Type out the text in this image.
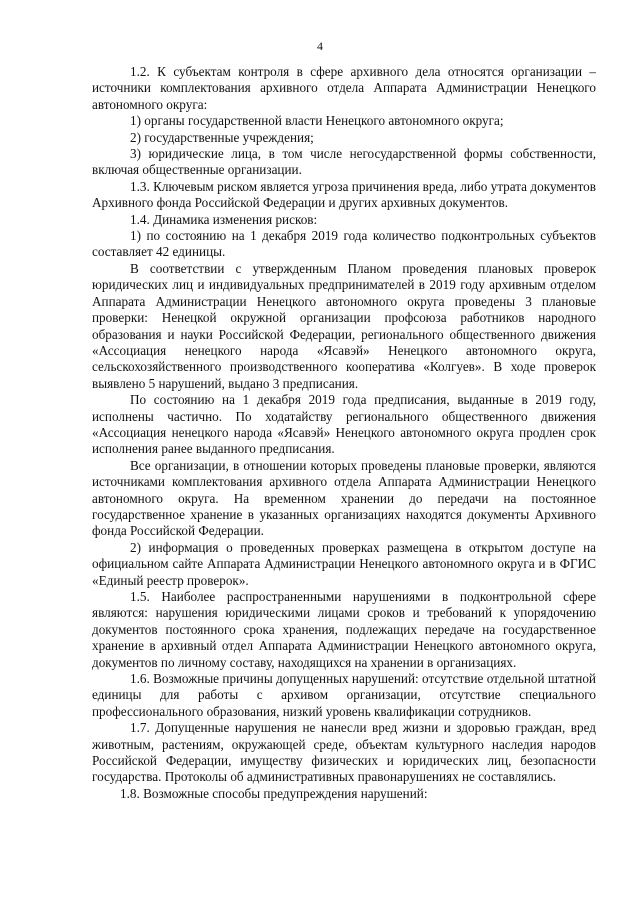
4

1.2. К субъектам контроля в сфере архивного дела относятся организации – источники комплектования архивного отдела Аппарата Администрации Ненецкого автономного округа:

1) органы государственной власти Ненецкого автономного округа;

2) государственные учреждения;

3) юридические лица, в том числе негосударственной формы собственности, включая общественные организации.

1.3. Ключевым риском является угроза причинения вреда, либо утрата документов Архивного фонда Российской Федерации и других архивных документов.

1.4. Динамика изменения рисков:

1) по состоянию на 1 декабря 2019 года количество подконтрольных субъектов составляет 42 единицы.

В соответствии с утвержденным Планом проведения плановых проверок юридических лиц и индивидуальных предпринимателей в 2019 году архивным отделом Аппарата Администрации Ненецкого автономного округа проведены 3 плановые проверки: Ненецкой окружной организации профсоюза работников народного образования и науки Российской Федерации, регионального общественного движения «Ассоциация ненецкого народа «Ясавэй» Ненецкого автономного округа, сельскохозяйственного производственного кооператива «Колгуев». В ходе проверок выявлено 5 нарушений, выдано 3 предписания.

По состоянию на 1 декабря 2019 года предписания, выданные в 2019 году, исполнены частично. По ходатайству регионального общественного движения «Ассоциация ненецкого народа «Ясавэй» Ненецкого автономного округа продлен срок исполнения ранее выданного предписания.

Все организации, в отношении которых проведены плановые проверки, являются источниками комплектования архивного отдела Аппарата Администрации Ненецкого автономного округа. На временном хранении до передачи на постоянное государственное хранение в указанных организациях находятся документы Архивного фонда Российской Федерации.

2) информация о проведенных проверках размещена в открытом доступе на официальном сайте Аппарата Администрации Ненецкого автономного округа и в ФГИС «Единый реестр проверок».

1.5. Наиболее распространенными нарушениями в подконтрольной сфере являются: нарушения юридическими лицами сроков и требований к упорядочению документов постоянного срока хранения, подлежащих передаче на государственное хранение в архивный отдел Аппарата Администрации Ненецкого автономного округа, документов по личному составу, находящихся на хранении в организациях.

1.6. Возможные причины допущенных нарушений: отсутствие отдельной штатной единицы для работы с архивом организации, отсутствие специального профессионального образования, низкий уровень квалификации сотрудников.

1.7. Допущенные нарушения не нанесли вред жизни и здоровью граждан, вред животным, растениям, окружающей среде, объектам культурного наследия народов Российской Федерации, имуществу физических и юридических лиц, безопасности государства. Протоколы об административных правонарушениях не составлялись.

1.8. Возможные способы предупреждения нарушений:
